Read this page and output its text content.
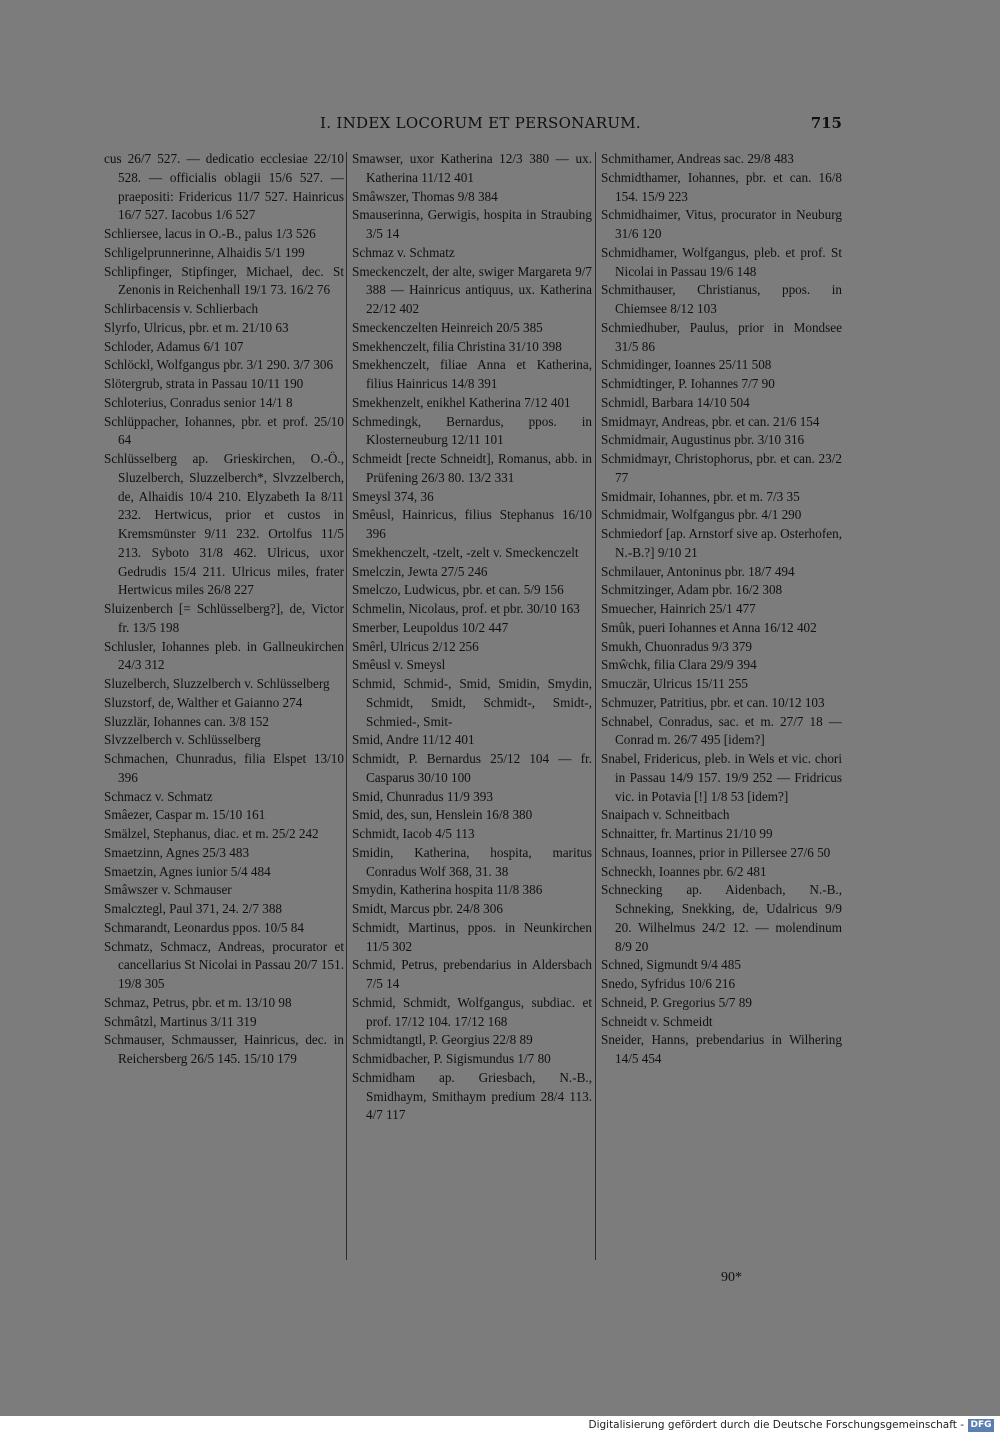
I. INDEX LOCORUM ET PERSONARUM.	715
cus 26/7 527. — dedicatio ecclesiae 22/10 528. — officialis oblagii 15/6 527. — praepositi: Fridericus 11/7 527. Hainricus 16/7 527. Iacobus 1/6 527
Schliersee, lacus in O.-B., palus 1/3 526
Schligelprunnerinne, Alhaidis 5/1 199
Schlipfinger, Stipfinger, Michael, dec. St Zenonis in Reichenhall 19/1 73. 16/2 76
Schlirbacensis v. Schlierbach
Slyrfo, Ulricus, pbr. et m. 21/10 63
Schloder, Adamus 6/1 107
Schlöckl, Wolfgangus pbr. 3/1 290. 3/7 306
Slötergrub, strata in Passau 10/11 190
Schloterius, Conradus senior 14/1 8
Schlüppacher, Iohannes, pbr. et prof. 25/10 64
Schlüsselberg ap. Grieskirchen, O.-Ö., Sluzelberch, Sluzzelberch*, Slvzzelberch, de, Alhaidis 10/4 210. Elyzabeth Ia 8/11 232. Hertwicus, prior et custos in Kremsmünster 9/11 232. Ortolfus 11/5 213. Syboto 31/8 462. Ulricus, uxor Gedrudis 15/4 211. Ulricus miles, frater Hertwicus miles 26/8 227
Sluizenberch [= Schlüsselberg?], de, Victor fr. 13/5 198
Schlusler, Iohannes pleb. in Gallneukirchen 24/3 312
Sluzelberch, Sluzzelberch v. Schlüsselberg
Sluzstorf, de, Walther et Gaianno 274
Sluzzlär, Iohannes can. 3/8 152
Slvzzelberch v. Schlüsselberg
Schmachen, Chunradus, filia Elspet 13/10 396
Schmacz v. Schmatz
Smâezer, Caspar m. 15/10 161
Smälzel, Stephanus, diac. et m. 25/2 242
Smaetzinn, Agnes 25/3 483
Smaetzin, Agnes iunior 5/4 484
Smâwszer v. Schmauser
Smalcztegl, Paul 371, 24. 2/7 388
Schmarandt, Leonardus ppos. 10/5 84
Schmatz, Schmacz, Andreas, procurator et cancellarius St Nicolai in Passau 20/7 151. 19/8 305
Schmaz, Petrus, pbr. et m. 13/10 98
Schmâtzl, Martinus 3/11 319
Schmauser, Schmausser, Hainricus, dec. in Reichersberg 26/5 145. 15/10 179
Smawser, uxor Katherina 12/3 380 — ux. Katherina 11/12 401
Smâwszer, Thomas 9/8 384
Smauserinna, Gerwigis, hospita in Straubing 3/5 14
Schmaz v. Schmatz
Smeckenczelt, der alte, swiger Margareta 9/7 388 — Hainricus antiquus, ux. Katherina 22/12 402
Smeckenczelten Heinreich 20/5 385
Smekhenczelt, filia Christina 31/10 398
Smekhenczelt, filiae Anna et Katherina, filius Hainricus 14/8 391
Smekhenzelt, enikhel Katherina 7/12 401
Schmedingk, Bernardus, ppos. in Klosterneuburg 12/11 101
Schmeidt [recte Schneidt], Romanus, abb. in Prüfening 26/3 80. 13/2 331
Smeysl 374, 36
Smêusl, Hainricus, filius Stephanus 16/10 396
Smekhenczelt, -tzelt, -zelt v. Smeckenczelt
Smelczin, Jewta 27/5 246
Smelczo, Ludwicus, pbr. et can. 5/9 156
Schmelin, Nicolaus, prof. et pbr. 30/10 163
Smerber, Leupoldus 10/2 447
Smêrl, Ulricus 2/12 256
Smêusl v. Smeysl
Schmid, Schmid-, Smid, Smidin, Smydin, Schmidt, Smidt, Schmidt-, Smidt-, Schmied-, Smit-
Smid, Andre 11/12 401
Schmidt, P. Bernardus 25/12 104 — fr. Casparus 30/10 100
Smid, Chunradus 11/9 393
Smid, des, sun, Henslein 16/8 380
Schmidt, Iacob 4/5 113
Smidin, Katherina, hospita, maritus Conradus Wolf 368, 31. 38
Smydin, Katherina hospita 11/8 386
Smidt, Marcus pbr. 24/8 306
Schmidt, Martinus, ppos. in Neunkirchen 11/5 302
Schmid, Petrus, prebendarius in Aldersbach 7/5 14
Schmid, Schmidt, Wolfgangus, subdiac. et prof. 17/12 104. 17/12 168
Schmidtangtl, P. Georgius 22/8 89
Schmidbacher, P. Sigismundus 1/7 80
Schmidham ap. Griesbach, N.-B., Smidhaym, Smithaym predium 28/4 113. 4/7 117
Schmithamer, Andreas sac. 29/8 483
Schmidthamer, Iohannes, pbr. et can. 16/8 154. 15/9 223
Schmidhaimer, Vitus, procurator in Neuburg 31/6 120
Schmidhamer, Wolfgangus, pleb. et prof. St Nicolai in Passau 19/6 148
Schmithauser, Christianus, ppos. in Chiemsee 8/12 103
Schmiedhuber, Paulus, prior in Mondsee 31/5 86
Schmidinger, Ioannes 25/11 508
Schmidtinger, P. Iohannes 7/7 90
Schmidl, Barbara 14/10 504
Smidmayr, Andreas, pbr. et can. 21/6 154
Schmidmair, Augustinus pbr. 3/10 316
Schmidmayr, Christophorus, pbr. et can. 23/2 77
Smidmair, Iohannes, pbr. et m. 7/3 35
Schmidmair, Wolfgangus pbr. 4/1 290
Schmiedorf [ap. Arnstorf sive ap. Osterhofen, N.-B.?] 9/10 21
Schmilauer, Antoninus pbr. 18/7 494
Schmitzinger, Adam pbr. 16/2 308
Smuecher, Hainrich 25/1 477
Smûk, pueri Iohannes et Anna 16/12 402
Smukh, Chuonradus 9/3 379
Smŵchk, filia Clara 29/9 394
Smuczär, Ulricus 15/11 255
Schmuzer, Patritius, pbr. et can. 10/12 103
Schnabel, Conradus, sac. et m. 27/7 18 — Conrad m. 26/7 495 [idem?]
Snabel, Fridericus, pleb. in Wels et vic. chori in Passau 14/9 157. 19/9 252 — Fridricus vic. in Potavia [!] 1/8 53 [idem?]
Snaipach v. Schneitbach
Schnaitter, fr. Martinus 21/10 99
Schnaus, Ioannes, prior in Pillersee 27/6 50
Schneckh, Ioannes pbr. 6/2 481
Schnecking ap. Aidenbach, N.-B., Schneking, Snekking, de, Udalricus 9/9 20. Wilhelmus 24/2 12. — molendinum 8/9 20
Schned, Sigmundt 9/4 485
Snedo, Syfridus 10/6 216
Schneid, P. Gregorius 5/7 89
Schneidt v. Schmeidt
Sneider, Hanns, prebendarius in Wilhering 14/5 454
90*
Digitalisierung gefördert durch die Deutsche Forschungsgemeinschaft - DFG
